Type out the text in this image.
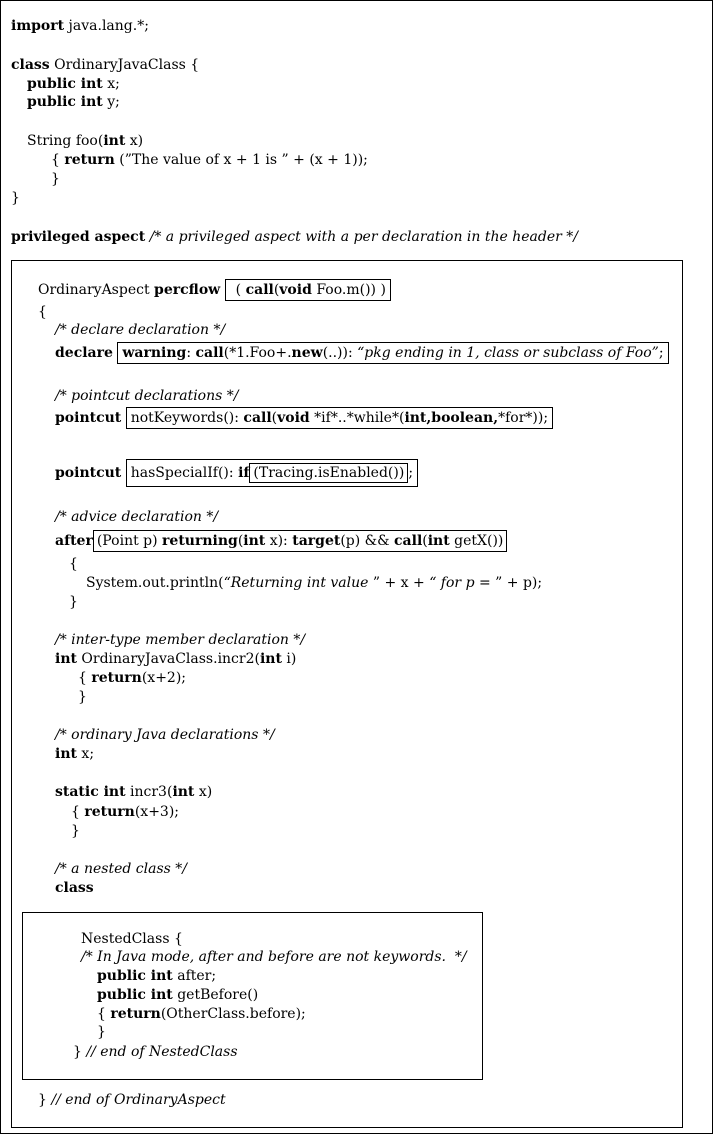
import java.lang.*;
class OrdinaryJavaClass {
public int x;
public int y;
String foo(int x)
{ return (”The value of x + 1 is ” + (x + 1));
}
}
privileged aspect /* a privileged aspect with a per declaration in the header */
OrdinaryAspect percflow ( call(void Foo.m()) )
{
/* declare declaration */
declare warning: call(*1.Foo+.new(..)): “pkg ending in 1, class or subclass of Foo”;
/* pointcut declarations */
pointcut notKeywords(): call(void *if*..*while*(int,boolean,*for*));
pointcut hasSpecialIf(): if (Tracing.isEnabled()) ;
/* advice declaration */
after (Point p) returning(int x): target(p) && call(int getX())
{
System.out.println(“Returning int value ” + x + “ for p = ” + p);
}
/* inter-type member declaration */
int OrdinaryJavaClass.incr2(int i)
{ return(x+2);
}
/* ordinary Java declarations */
int x;
static int incr3(int x)
{ return(x+3);
}
/* a nested class */
class
NestedClass {
/* In Java mode, after and before are not keywords.  */
public int after;
public int getBefore()
{ return(OtherClass.before);
}
} // end of NestedClass
} // end of OrdinaryAspect
